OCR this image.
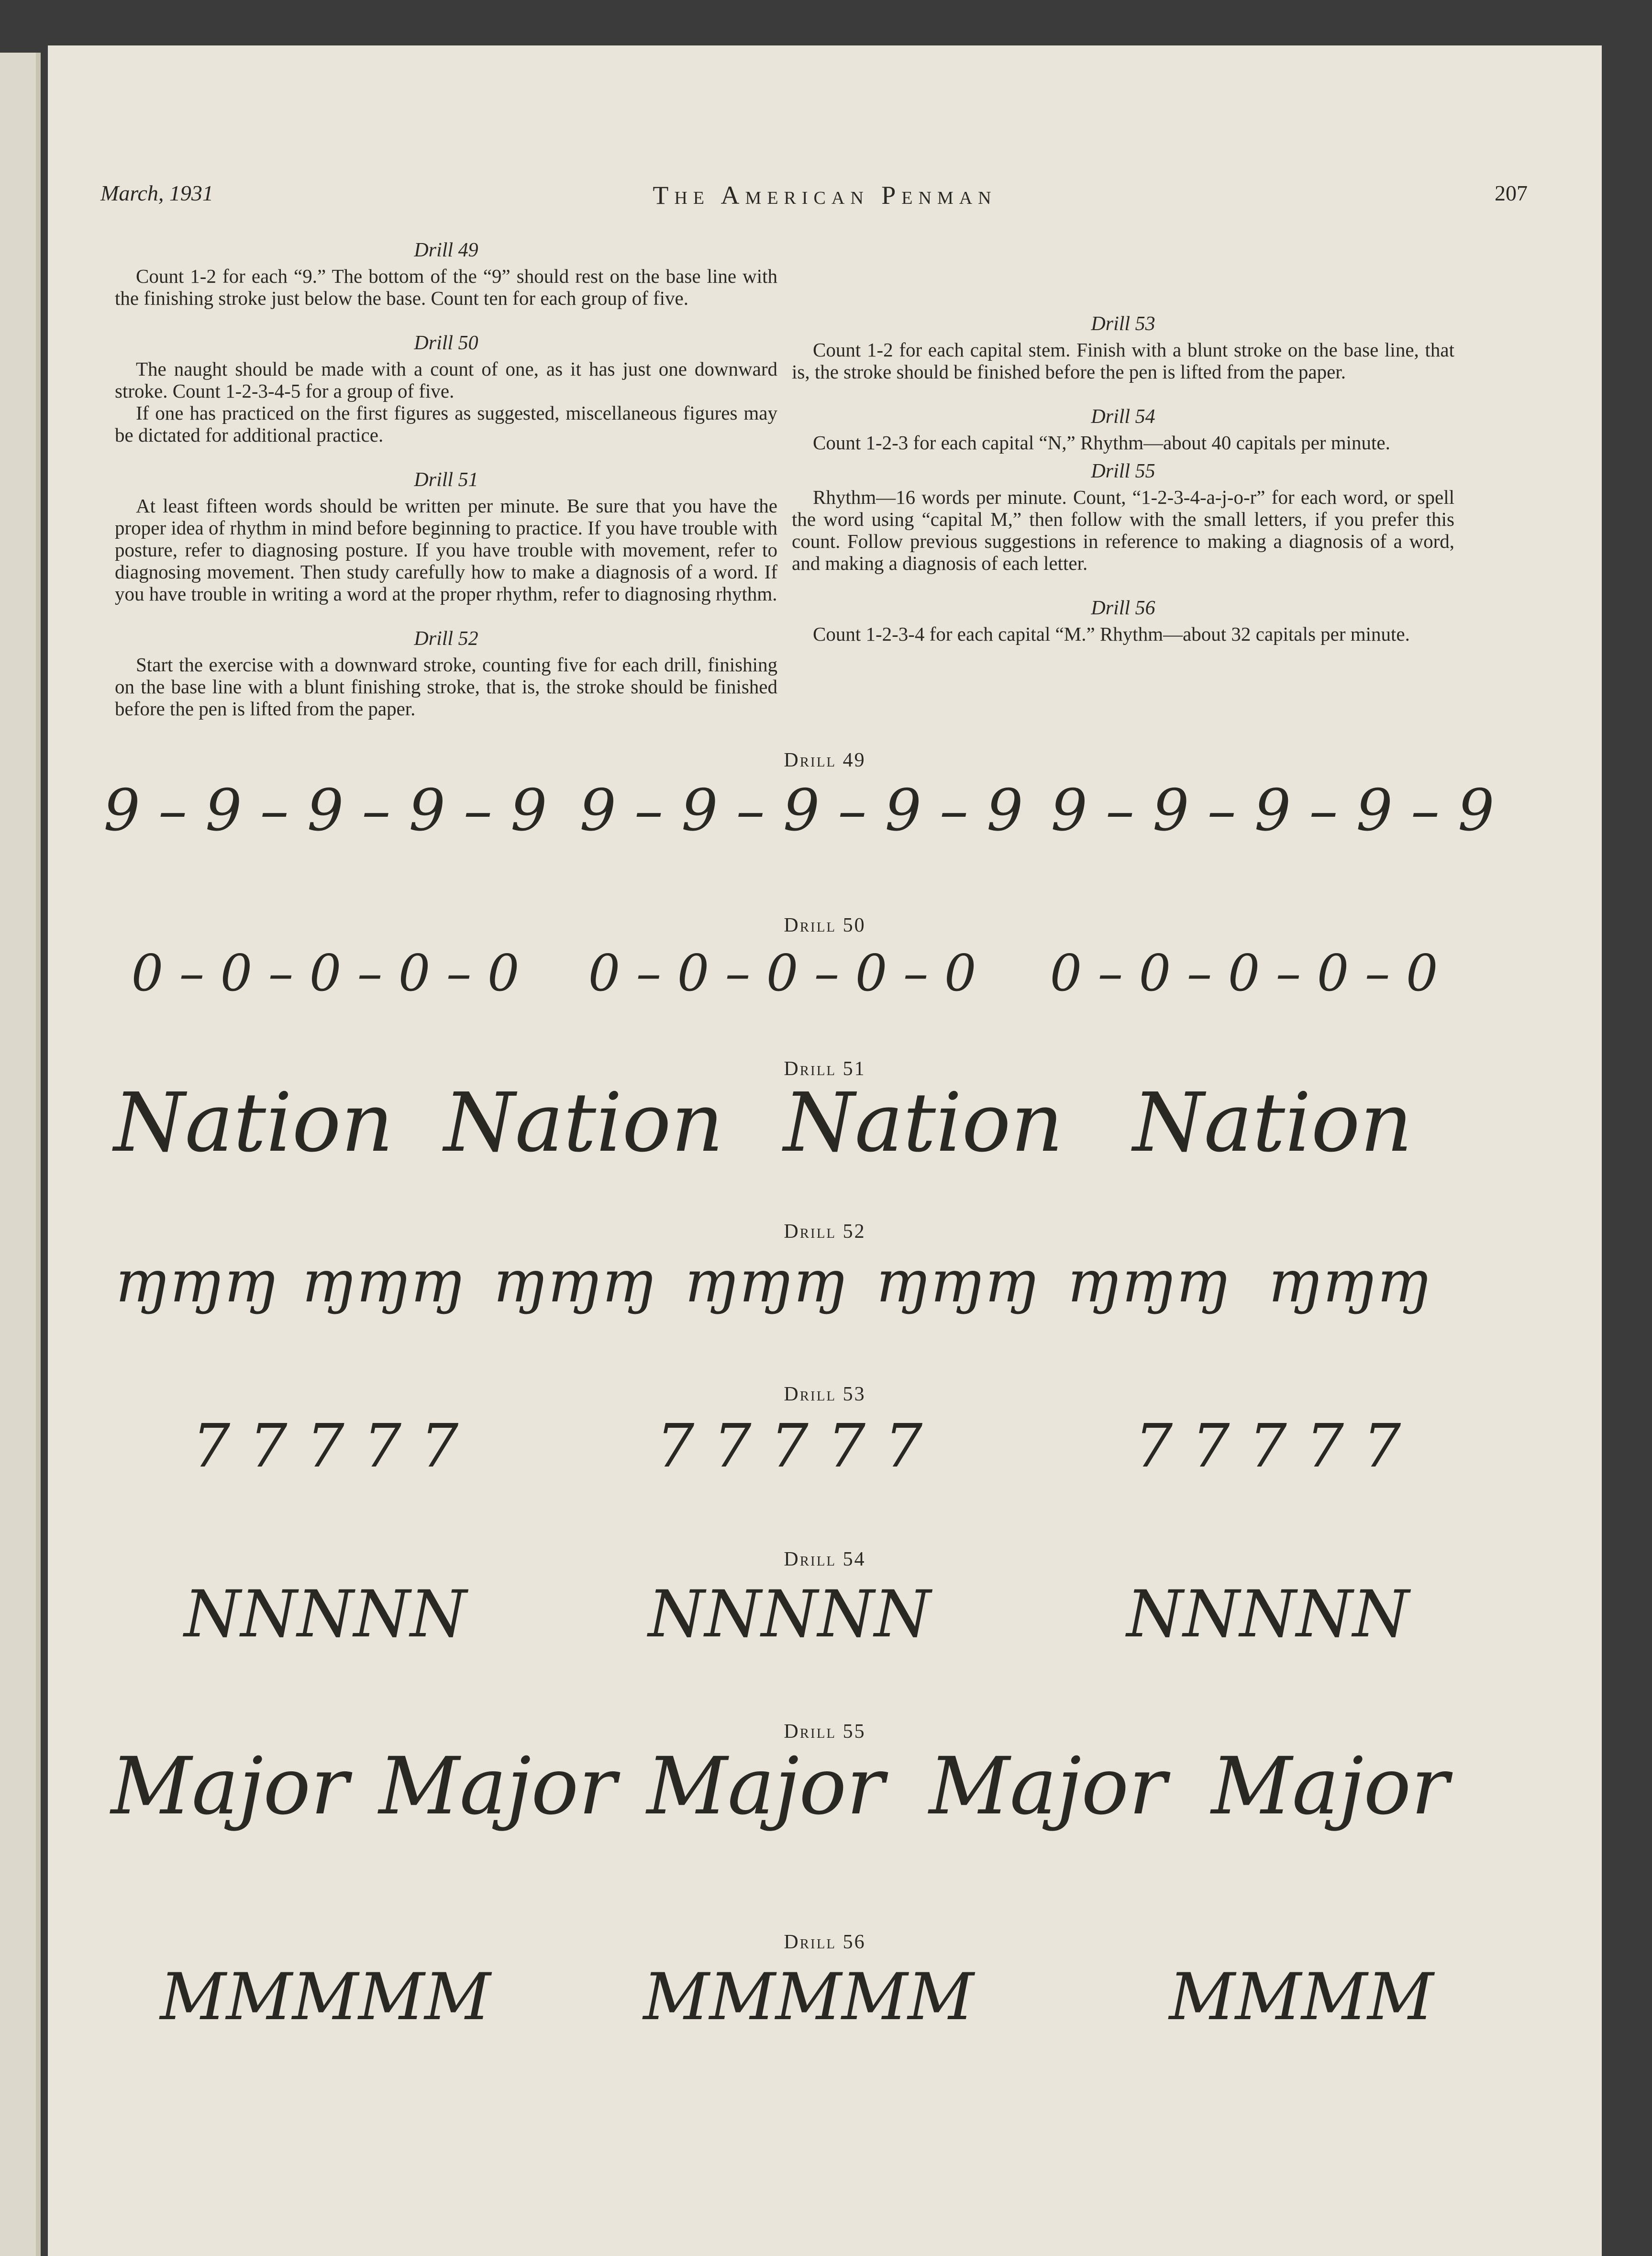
March, 1931	The American Penman	207
Drill 49

Count 1-2 for each “9.” The bottom of the “9” should rest on the base line with the finishing stroke just below the base. Count ten for each group of five.

Drill 50

The naught should be made with a count of one, as it has just one downward stroke. Count 1-2-3-4-5 for a group of five.

If one has practiced on the first figures as suggested, miscellaneous figures may be dictated for additional practice.

Drill 51

At least fifteen words should be written per minute. Be sure that you have the proper idea of rhythm in mind before beginning to practice. If you have trouble with posture, refer to diagnosing posture. If you have trouble with movement, refer to diagnosing movement. Then study carefully how to make a diagnosis of a word. If you have trouble in writing a word at the proper rhythm, refer to diagnosing rhythm.

Drill 52

Start the exercise with a downward stroke, counting five for each drill, finishing on the base line with a blunt finishing stroke, that is, the stroke should be finished before the pen is lifted from the paper.

Drill 53

Count 1-2 for each capital stem. Finish with a blunt stroke on the base line, that is, the stroke should be finished before the pen is lifted from the paper.

Drill 54

Count 1-2-3 for each capital “N,” Rhythm—about 40 capitals per minute.

Drill 55

Rhythm—16 words per minute. Count, “1-2-3-4-a-j-o-r” for each word, or spell the word using “capital M,” then follow with the small letters, if you prefer this count. Follow previous suggestions in reference to making a diagnosis of a word, and making a diagnosis of each letter.

Drill 56

Count 1-2-3-4 for each capital “M.” Rhythm—about 32 capitals per minute.

Drill 49
9 – 9 – 9 – 9 – 9 9 – 9 – 9 – 9 – 9 9 – 9 – 9 – 9 – 9
Drill 50
0 – 0 – 0 – 0 – 0 0 – 0 – 0 – 0 – 0 0 – 0 – 0 – 0 – 0
Drill 51
Nation Nation Nation Nation
Drill 52
ɱɱɱ ɱɱɱ ɱɱɱ ɱɱɱ ɱɱɱ ɱɱɱ ɱɱɱ
Drill 53
7 7 7 7 7	7 7 7 7 7	7 7 7 7 7
Drill 54
NNNNN	NNNNN	NNNNN
Drill 55
Major Major Major Major Major
Drill 56
MMMMM MMMMM	MMMM
